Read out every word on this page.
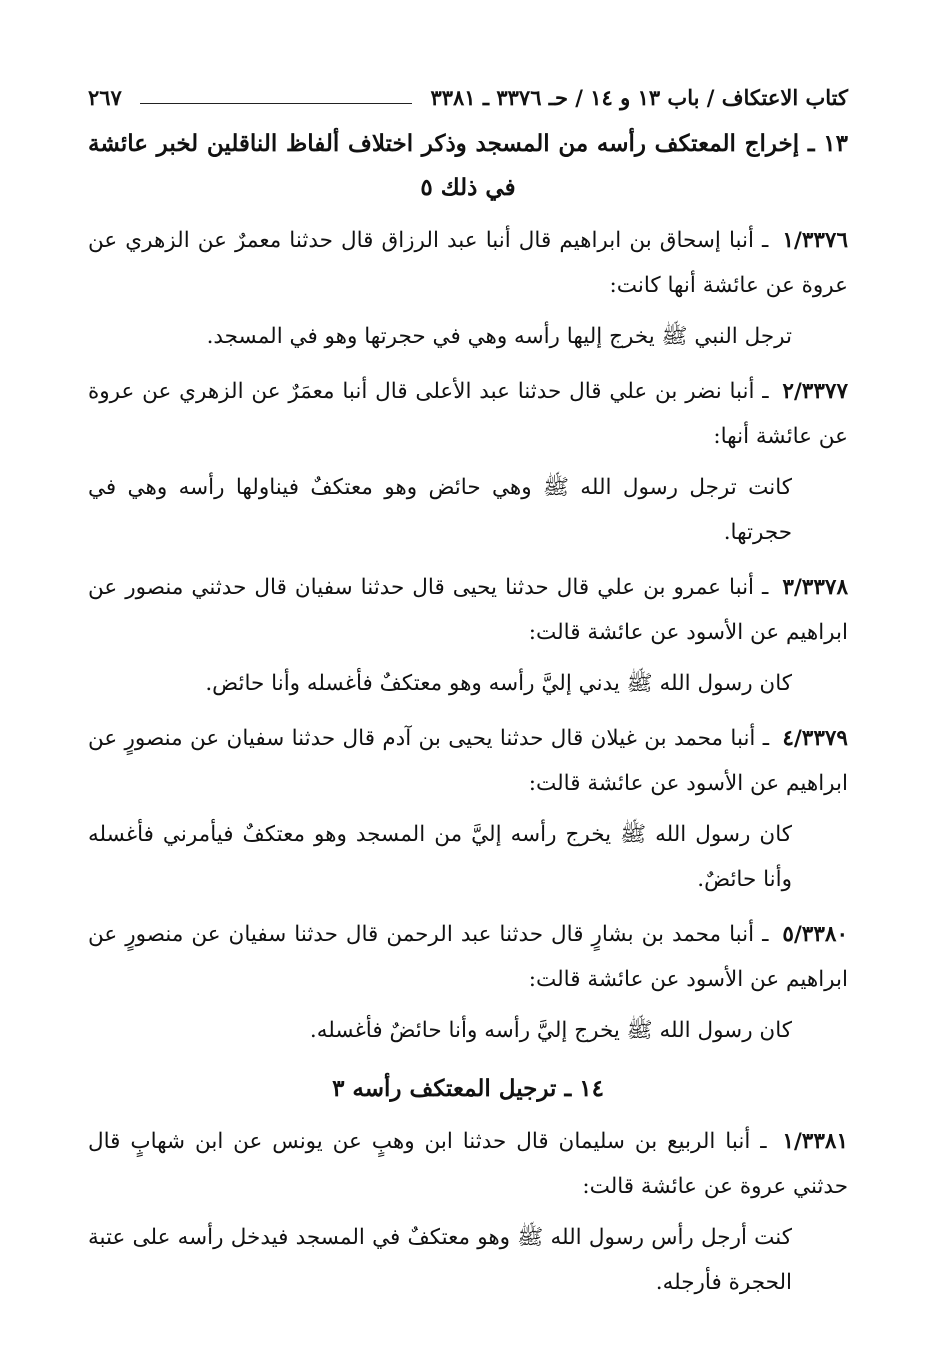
كتاب الاعتكاف / باب ١٣ و ١٤ / حـ ٣٣٧٦ ـ ٣٣٨١
٢٦٧
١٣ ـ إخراج المعتكف رأسه من المسجد وذكر اختلاف ألفاظ الناقلين لخبر عائشة في ذلك ٥

١/٣٣٧٦ ـ أنبا إسحاق بن ابراهيم قال أنبا عبد الرزاق قال حدثنا معمرٌ عن الزهري عن عروة عن عائشة أنها كانت:

ترجل النبي ﷺ يخرج إليها رأسه وهي في حجرتها وهو في المسجد.

٢/٣٣٧٧ ـ أنبا نضر بن علي قال حدثنا عبد الأعلى قال أنبا معمَرٌ عن الزهري عن عروة عن عائشة أنها:

كانت ترجل رسول الله ﷺ وهي حائض وهو معتكفٌ فيناولها رأسه وهي في حجرتها.

٣/٣٣٧٨ ـ أنبا عمرو بن علي قال حدثنا يحيى قال حدثنا سفيان قال حدثني منصور عن ابراهيم عن الأسود عن عائشة قالت:

كان رسول الله ﷺ يدني إليَّ رأسه وهو معتكفٌ فأغسله وأنا حائض.

٤/٣٣٧٩ ـ أنبا محمد بن غيلان قال حدثنا يحيى بن آدم قال حدثنا سفيان عن منصورٍ عن ابراهيم عن الأسود عن عائشة قالت:

كان رسول الله ﷺ يخرج رأسه إليَّ من المسجد وهو معتكفٌ فيأمرني فأغسله وأنا حائضٌ.

٥/٣٣٨٠ ـ أنبا محمد بن بشارٍ قال حدثنا عبد الرحمن قال حدثنا سفيان عن منصورٍ عن ابراهيم عن الأسود عن عائشة قالت:

كان رسول الله ﷺ يخرج إليَّ رأسه وأنا حائضٌ فأغسله.

١٤ ـ ترجيل المعتكف رأسه ٣

١/٣٣٨١ ـ أنبا الربيع بن سليمان قال حدثنا ابن وهبٍ عن يونس عن ابن شهابٍ قال حدثني عروة عن عائشة قالت:

كنت أرجل رأس رسول الله ﷺ وهو معتكفٌ في المسجد فيدخل رأسه على عتبة الحجرة فأرجله.
